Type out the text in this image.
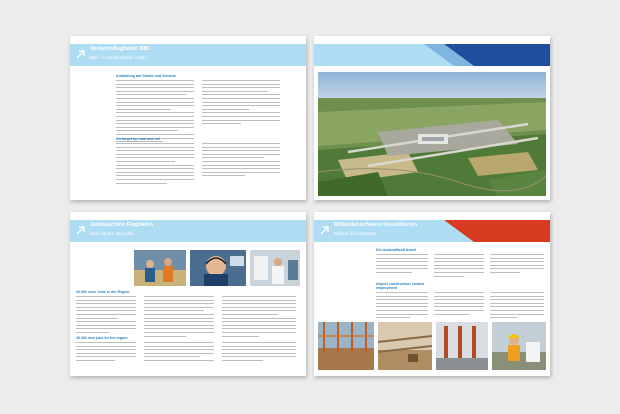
Verkehrsflughafen BBI
BBI – a transportation centre
Anbindung auf Straße und Schiene
On target by road and rail
Jobmaschine Flughafen
New airport, new jobs
40.000 neue Jobs in der Region
40.000 new jobs for the region
Milliardenschwere Investitionen
Billions of investment
Der Auskunftsoft Arbeit
Airport construction creates employment
